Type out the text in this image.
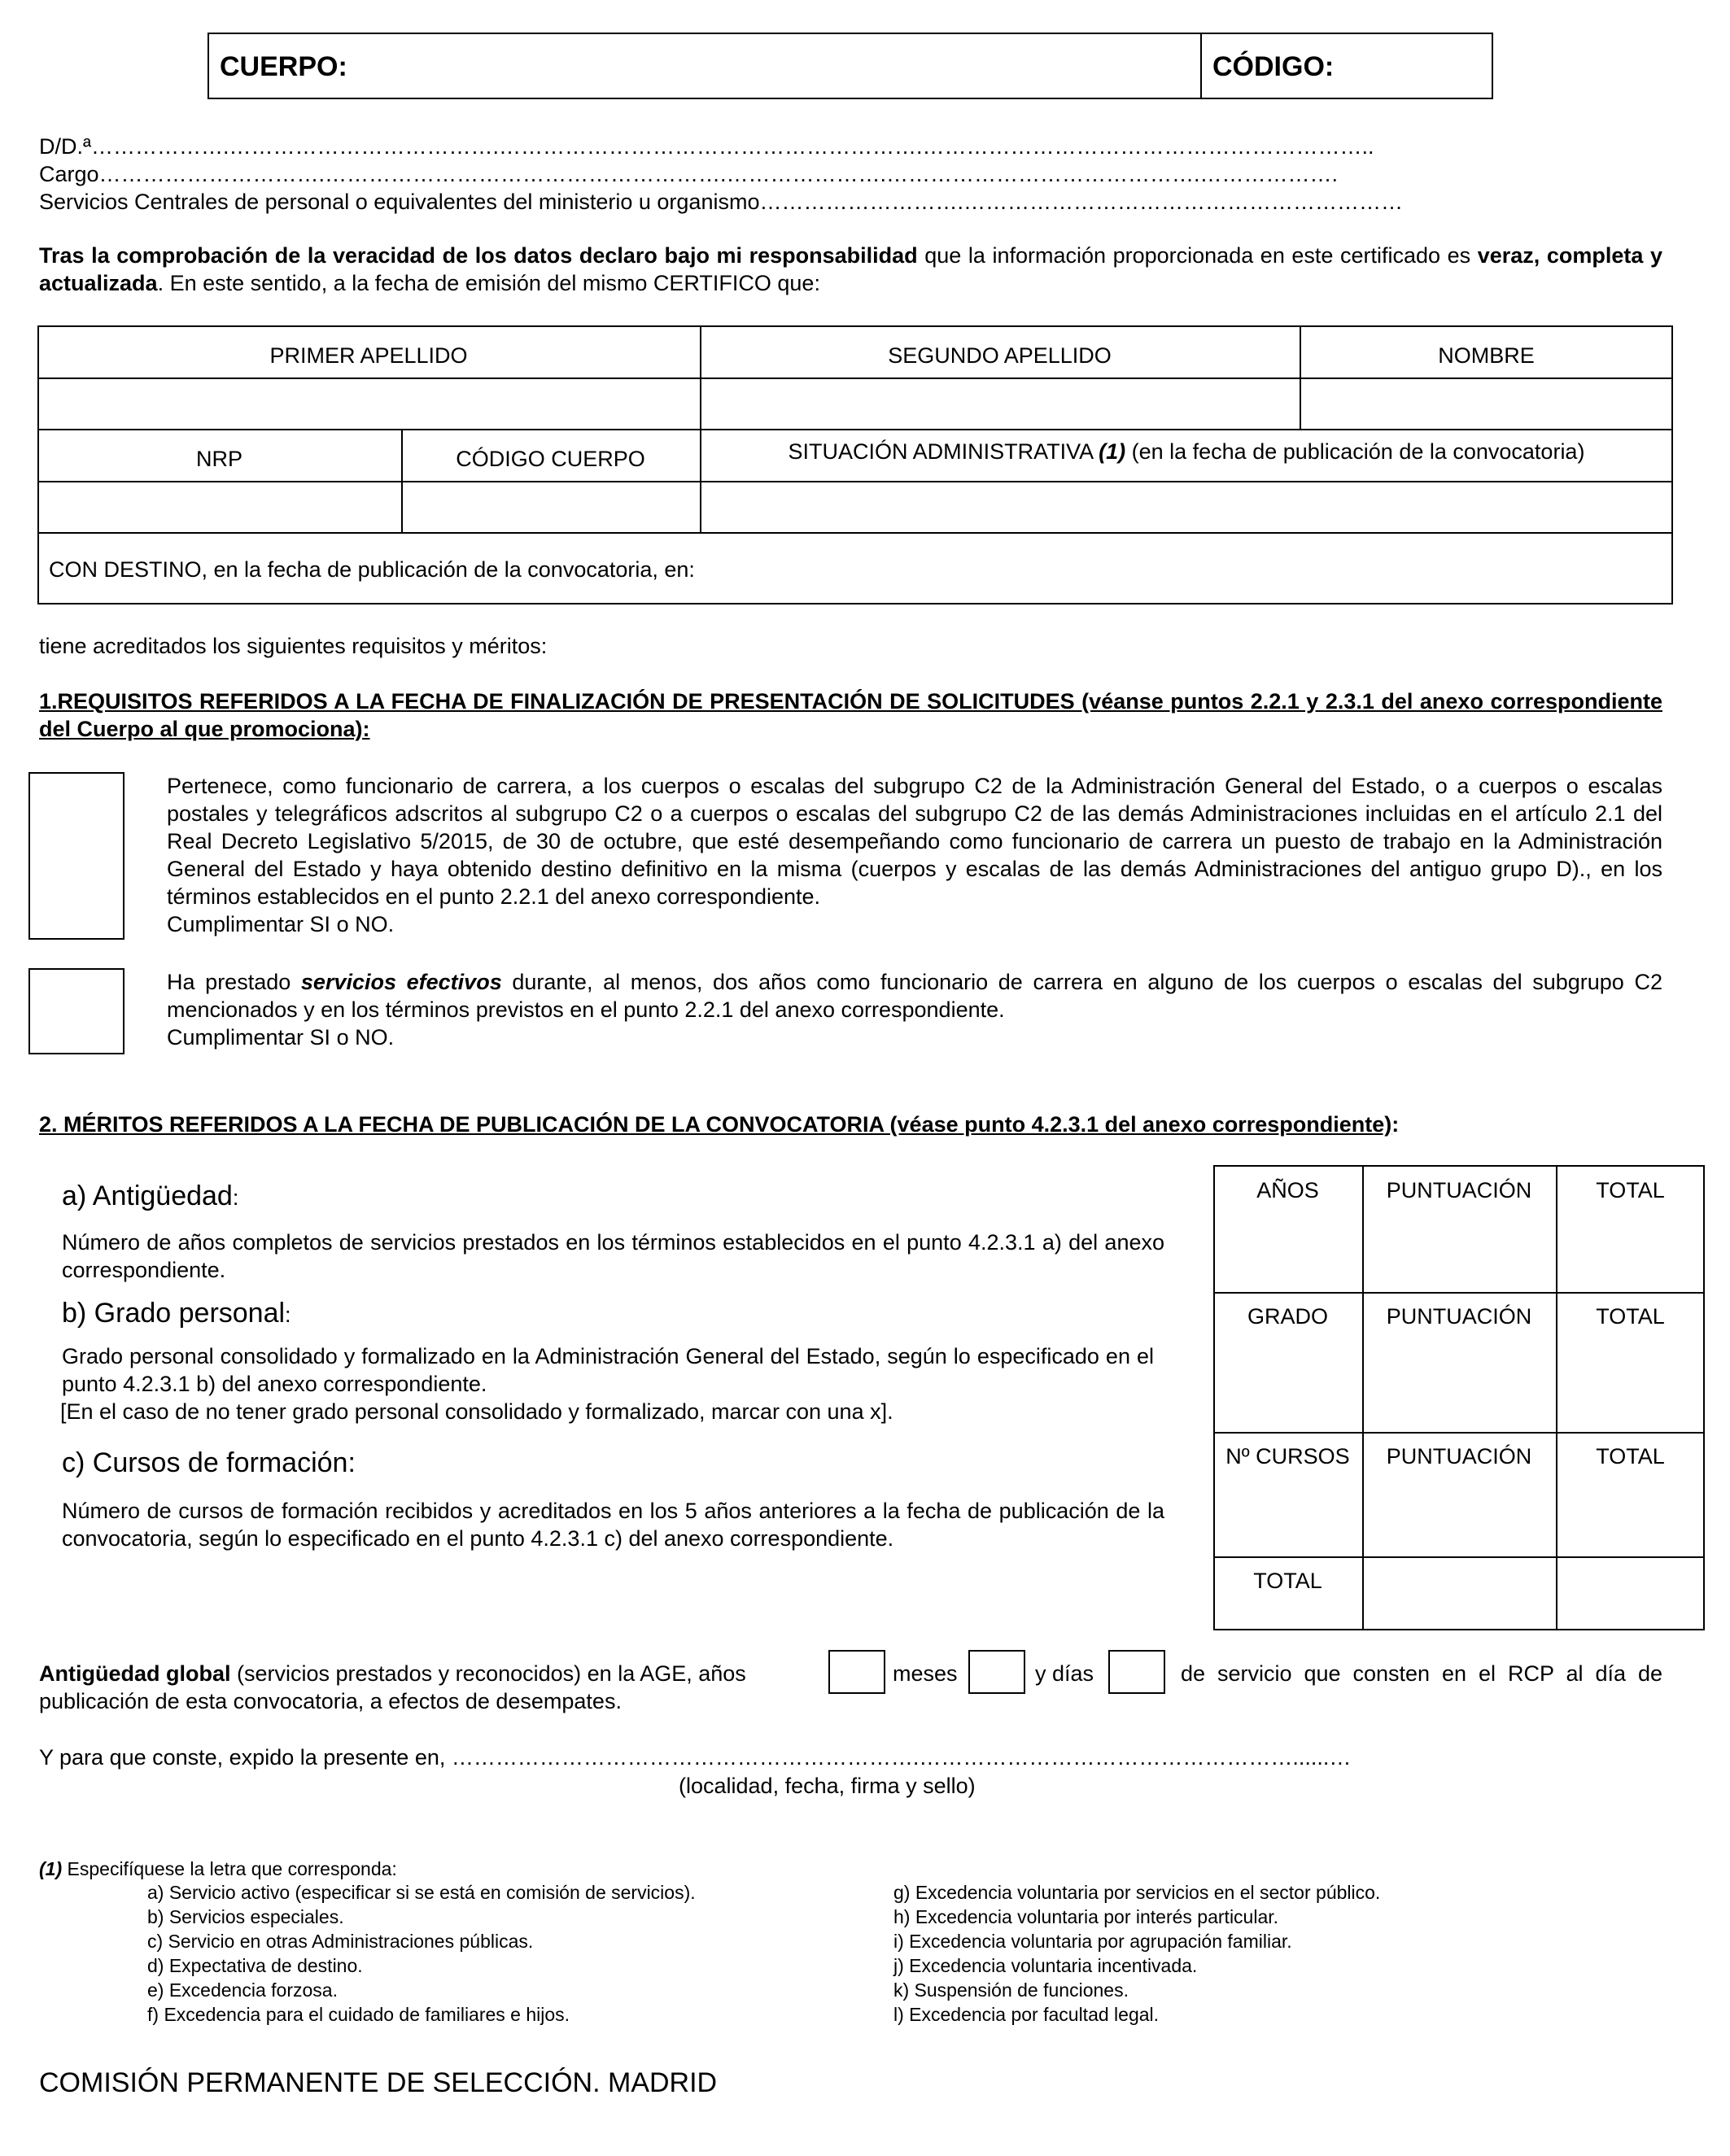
CUERPO:	CÓDIGO:
D/D.ª……………….……………………………….………………………………………………….……………………………………………………..
Cargo………………………….……………………………………………….………………….…………………………………….……………….
Servicios Centrales de personal o equivalentes del ministerio u organismo……………………….……………………………………………………
Tras la comprobación de la veracidad de los datos declaro bajo mi responsabilidad que la información proporcionada en este certificado es veraz, completa y actualizada. En este sentido, a la fecha de emisión del mismo CERTIFICO que:
PRIMER APELLIDO	SEGUNDO APELLIDO	NOMBRE
NRP	CÓDIGO CUERPO	SITUACIÓN ADMINISTRATIVA (1) (en la fecha de publicación de la convocatoria)
CON DESTINO, en la fecha de publicación de la convocatoria, en:
tiene acreditados los siguientes requisitos y méritos:
1.REQUISITOS REFERIDOS A LA FECHA DE FINALIZACIÓN DE PRESENTACIÓN DE SOLICITUDES (véanse puntos 2.2.1 y 2.3.1 del anexo correspondiente del Cuerpo al que promociona):
Pertenece, como funcionario de carrera, a los cuerpos o escalas del subgrupo C2 de la Administración General del Estado, o a cuerpos o escalas postales y telegráficos adscritos al subgrupo C2 o a cuerpos o escalas del subgrupo C2 de las demás Administraciones incluidas en el artículo 2.1 del Real Decreto Legislativo 5/2015, de 30 de octubre, que esté desempeñando como funcionario de carrera un puesto de trabajo en la Administración General del Estado y haya obtenido destino definitivo en la misma (cuerpos y escalas de las demás Administraciones del antiguo grupo D)., en los términos establecidos en el punto 2.2.1 del anexo correspondiente.
Cumplimentar SI o NO.
Ha prestado servicios efectivos durante, al menos, dos años como funcionario de carrera en alguno de los cuerpos o escalas del subgrupo C2 mencionados y en los términos previstos en el punto 2.2.1 del anexo correspondiente.
Cumplimentar SI o NO.
2. MÉRITOS REFERIDOS A LA FECHA DE PUBLICACIÓN DE LA CONVOCATORIA (véase punto 4.2.3.1 del anexo correspondiente):
a) Antigüedad:
Número de años completos de servicios prestados en los términos establecidos en el punto 4.2.3.1 a) del anexo correspondiente.
b) Grado personal:
Grado personal consolidado y formalizado en la Administración General del Estado, según lo especificado en el punto 4.2.3.1 b) del anexo correspondiente.
[En el caso de no tener grado personal consolidado y formalizado, marcar con una x].
c) Cursos de formación:
Número de cursos de formación recibidos y acreditados en los 5 años anteriores a la fecha de publicación de la convocatoria, según lo especificado en el punto 4.2.3.1 c) del anexo correspondiente.
AÑOS	PUNTUACIÓN	TOTAL
GRADO	PUNTUACIÓN	TOTAL
Nº CURSOS	PUNTUACIÓN	TOTAL
TOTAL
Antigüedad global (servicios prestados y reconocidos) en la AGE, años	meses	y días	de servicio que consten en el RCP al día de
publicación de esta convocatoria, a efectos de desempates.
Y para que conste, expido la presente en, ……………………………………………………….……………………………………………......…
(localidad, fecha, firma y sello)
(1) Especifíquese la letra que corresponda:
a) Servicio activo (especificar si se está en comisión de servicios).
b) Servicios especiales.
c) Servicio en otras Administraciones públicas.
d) Expectativa de destino.
e) Excedencia forzosa.
f) Excedencia para el cuidado de familiares e hijos.
g) Excedencia voluntaria por servicios en el sector público.
h) Excedencia voluntaria por interés particular.
i) Excedencia voluntaria por agrupación familiar.
j) Excedencia voluntaria incentivada.
k) Suspensión de funciones.
l) Excedencia por facultad legal.
COMISIÓN PERMANENTE DE SELECCIÓN. MADRID
